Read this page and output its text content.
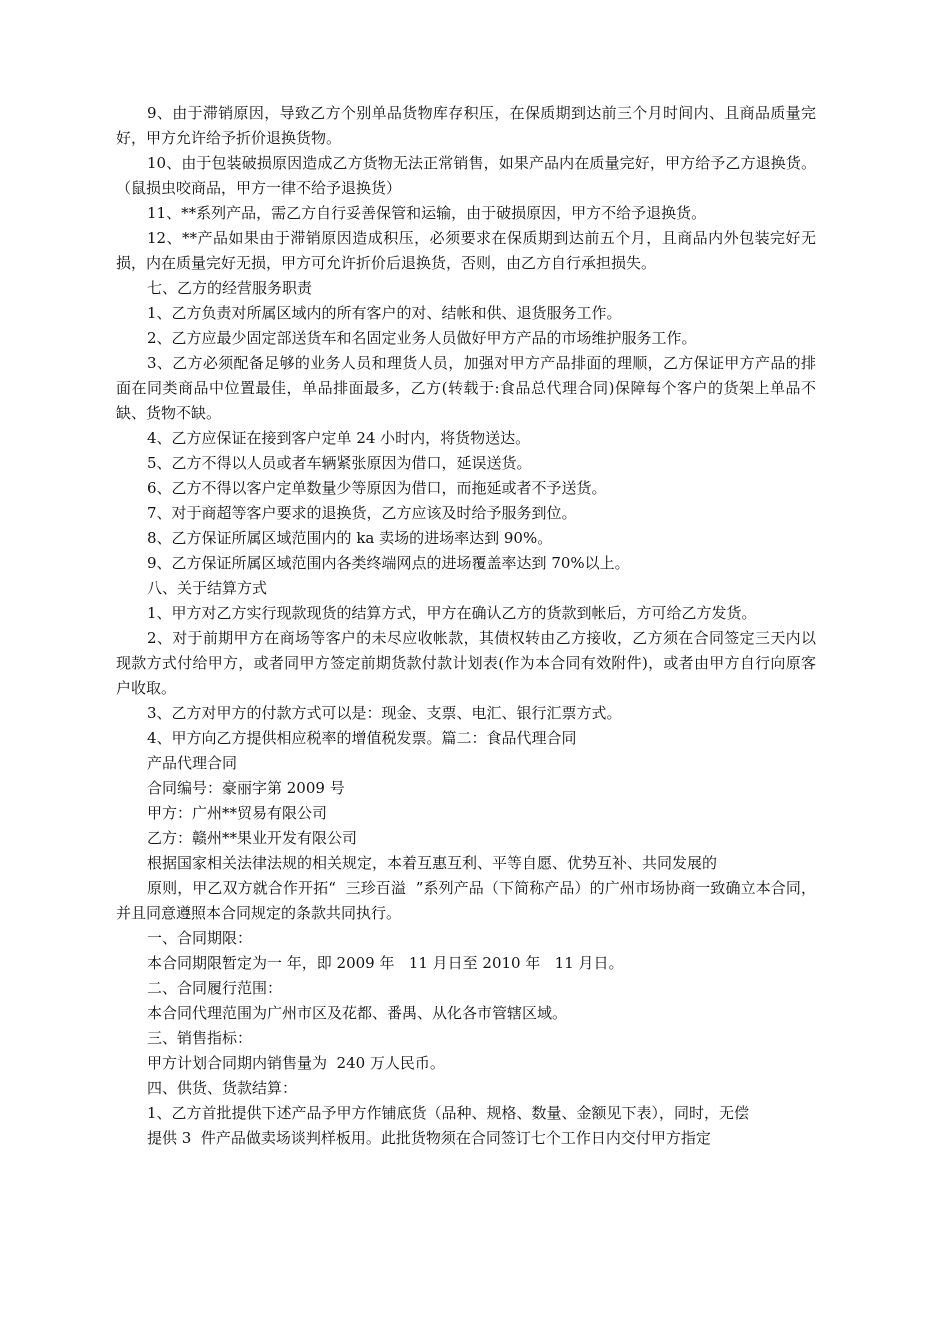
9、由于滞销原因，导致乙方个别单品货物库存积压，在保质期到达前三个月时间内、且商品质量完好，甲方允许给予折价退换货物。

10、由于包装破损原因造成乙方货物无法正常销售，如果产品内在质量完好，甲方给予乙方退换货。（鼠损虫咬商品，甲方一律不给予退换货）

11、**系列产品，需乙方自行妥善保管和运输，由于破损原因，甲方不给予退换货。

12、**产品如果由于滞销原因造成积压，必须要求在保质期到达前五个月，且商品内外包装完好无损，内在质量完好无损，甲方可允许折价后退换货，否则，由乙方自行承担损失。

七、乙方的经营服务职责

1、乙方负责对所属区域内的所有客户的对、结帐和供、退货服务工作。

2、乙方应最少固定部送货车和名固定业务人员做好甲方产品的市场维护服务工作。

3、乙方必须配备足够的业务人员和理货人员，加强对甲方产品排面的理顺，乙方保证甲方产品的排面在同类商品中位置最佳，单品排面最多，乙方(转载于:食品总代理合同)保障每个客户的货架上单品不缺、货物不缺。

4、乙方应保证在接到客户定单 24 小时内，将货物送达。

5、乙方不得以人员或者车辆紧张原因为借口，延误送货。

6、乙方不得以客户定单数量少等原因为借口，而拖延或者不予送货。

7、对于商超等客户要求的退换货，乙方应该及时给予服务到位。

8、乙方保证所属区域范围内的 ka 卖场的进场率达到 90%。

9、乙方保证所属区域范围内各类终端网点的进场覆盖率达到 70%以上。

八、关于结算方式

1、甲方对乙方实行现款现货的结算方式，甲方在确认乙方的货款到帐后，方可给乙方发货。

2、对于前期甲方在商场等客户的未尽应收帐款，其债权转由乙方接收，乙方须在合同签定三天内以现款方式付给甲方，或者同甲方签定前期货款付款计划表(作为本合同有效附件)，或者由甲方自行向原客户收取。

3、乙方对甲方的付款方式可以是：现金、支票、电汇、银行汇票方式。

4、甲方向乙方提供相应税率的增值税发票。篇二：食品代理合同

产品代理合同

合同编号：豪丽字第 2009 号

甲方：广州**贸易有限公司

乙方：赣州**果业开发有限公司

根据国家相关法律法规的相关规定，本着互惠互利、平等自愿、优势互补、共同发展的

原则，甲乙双方就合作开拓“  三珍百溢  ”系列产品（下简称产品）的广州市场协商一致确立本合同，并且同意遵照本合同规定的条款共同执行。

一、合同期限：

本合同期限暂定为一 年，即 2009 年   11 月日至 2010 年   11 月日。

二、合同履行范围：

本合同代理范围为广州市区及花都、番禺、从化各市管辖区域。

三、销售指标：

甲方计划合同期内销售量为  240 万人民币。

四、供货、货款结算：

1、乙方首批提供下述产品予甲方作铺底货（品种、规格、数量、金额见下表），同时，无偿

提供 3  件产品做卖场谈判样板用。此批货物须在合同签订七个工作日内交付甲方指定
